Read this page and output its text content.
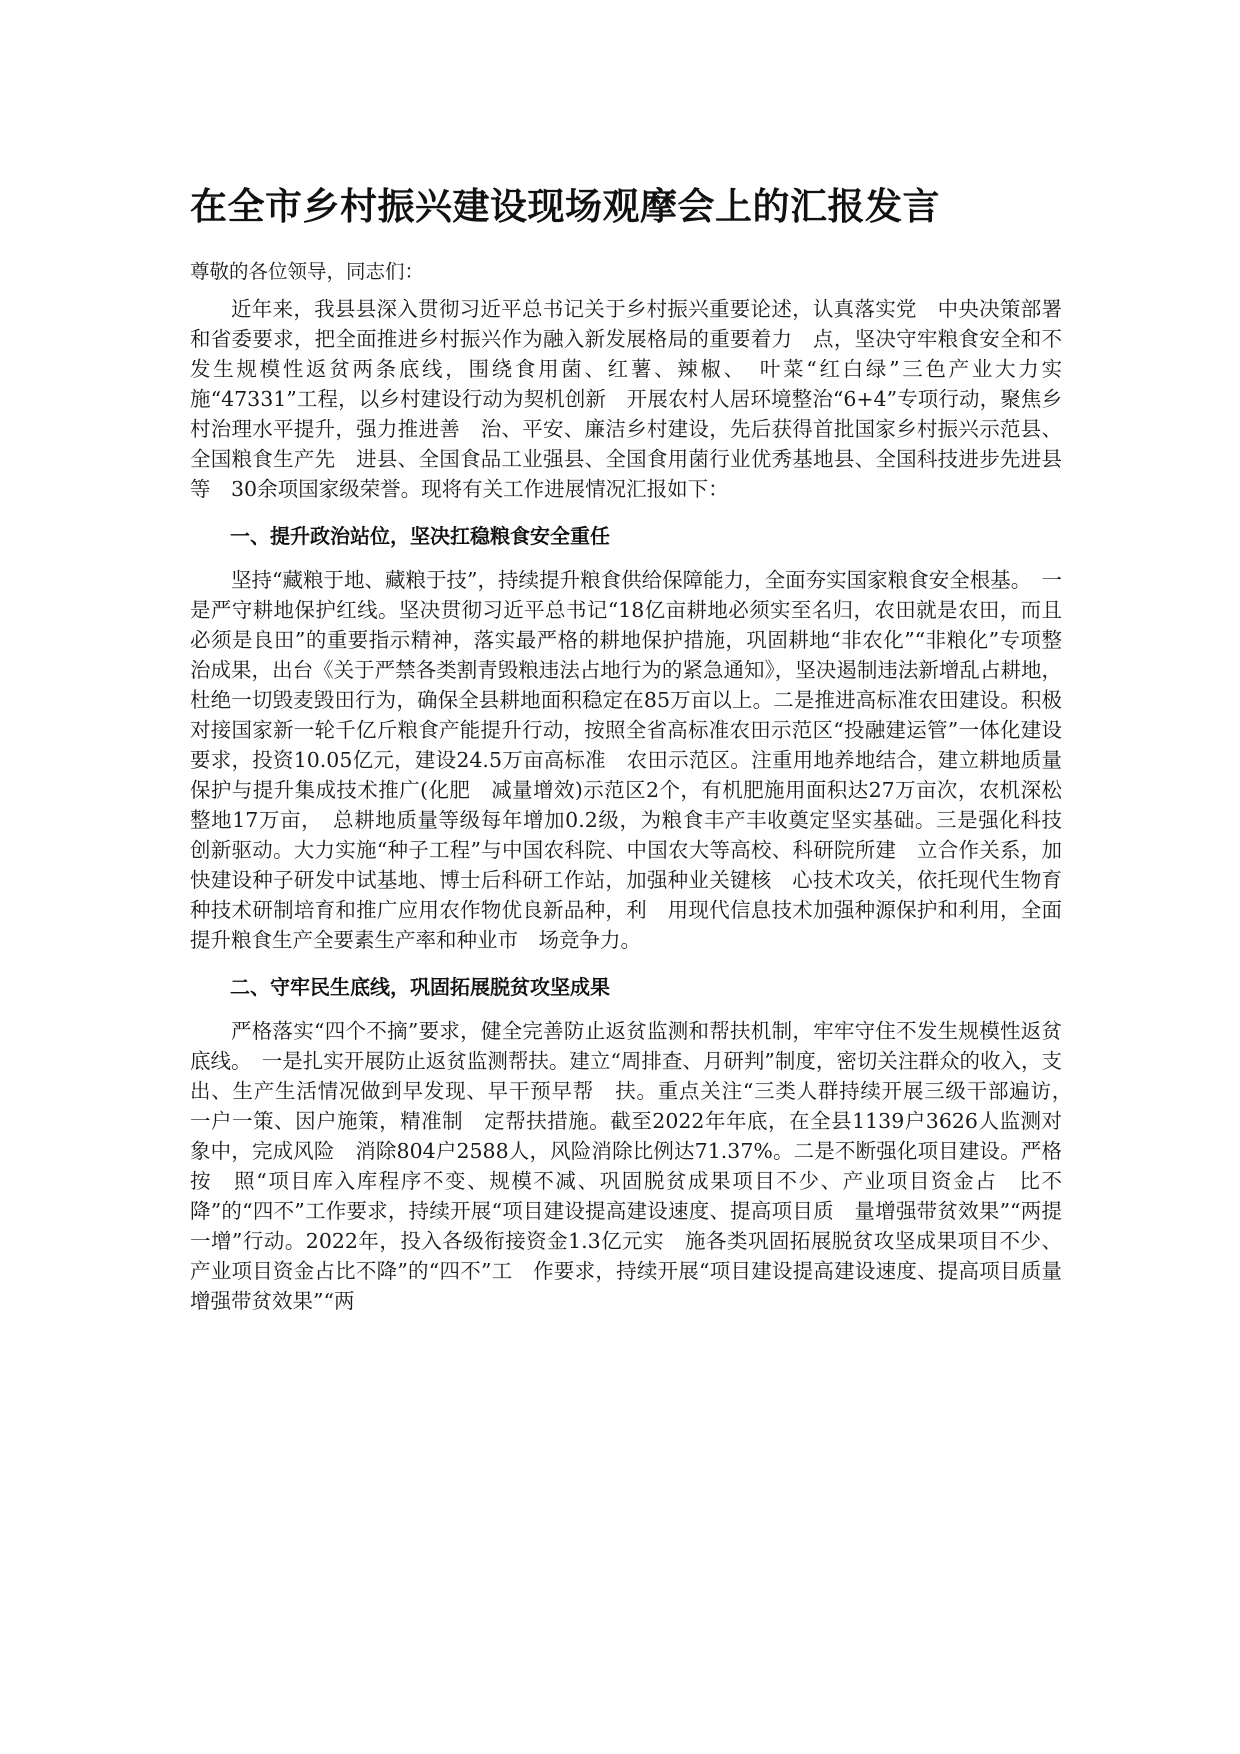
在全市乡村振兴建设现场观摩会上的汇报发言

尊敬的各位领导，同志们：

近年来，我县县深入贯彻习近平总书记关于乡村振兴重要论述，认真落实党　中央决策部署和省委要求，把全面推进乡村振兴作为融入新发展格局的重要着力　点，坚决守牢粮食安全和不发生规模性返贫两条底线，围绕食用菌、红薯、辣椒、　叶菜“红白绿”三色产业大力实施“47331”工程，以乡村建设行动为契机创新　开展农村人居环境整治“6+4”专项行动，聚焦乡村治理水平提升，强力推进善　治、平安、廉洁乡村建设，先后获得首批国家乡村振兴示范县、全国粮食生产先　进县、全国食品工业强县、全国食用菌行业优秀基地县、全国科技进步先进县等　30余项国家级荣誉。现将有关工作进展情况汇报如下：

一、提升政治站位，坚决扛稳粮食安全重任

坚持“藏粮于地、藏粮于技”，持续提升粮食供给保障能力，全面夯实国家粮食安全根基。　一是严守耕地保护红线。坚决贯彻习近平总书记“18亿亩耕地必须实至名归，农田就是农田，而且必须是良田”的重要指示精神，落实最严格的耕地保护措施，巩固耕地“非农化”“非粮化”专项整治成果，出台《关于严禁各类割青毁粮违法占地行为的紧急通知》，坚决遏制违法新增乱占耕地，杜绝一切毁麦毁田行为，确保全县耕地面积稳定在85万亩以上。二是推进高标准农田建设。积极对接国家新一轮千亿斤粮食产能提升行动，按照全省高标准农田示范区“投融建运管”一体化建设要求，投资10.05亿元，建设24.5万亩高标准　农田示范区。注重用地养地结合，建立耕地质量保护与提升集成技术推广(化肥　减量增效)示范区2个，有机肥施用面积达27万亩次，农机深松整地17万亩，　总耕地质量等级每年增加0.2级，为粮食丰产丰收奠定坚实基础。三是强化科技　创新驱动。大力实施“种子工程”与中国农科院、中国农大等高校、科研院所建　立合作关系，加快建设种子研发中试基地、博士后科研工作站，加强种业关键核　心技术攻关，依托现代生物育种技术研制培育和推广应用农作物优良新品种，利　用现代信息技术加强种源保护和利用，全面提升粮食生产全要素生产率和种业市　场竞争力。

二、守牢民生底线，巩固拓展脱贫攻坚成果

严格落实“四个不摘”要求，健全完善防止返贫监测和帮扶机制，牢牢守住不发生规模性返贫底线。　一是扎实开展防止返贫监测帮扶。建立“周排查、月研判”制度，密切关注群众的收入，支出、生产生活情况做到早发现、早干预早帮　扶。重点关注“三类人群持续开展三级干部遍访，　一户一策、因户施策，精准制　定帮扶措施。截至2022年年底，在全县1139户3626人监测对象中，完成风险　消除804户2588人，风险消除比例达71.37%。二是不断强化项目建设。严格按　照“项目库入库程序不变、规模不减、巩固脱贫成果项目不少、产业项目资金占　比不降”的“四不”工作要求，持续开展“项目建设提高建设速度、提高项目质　量增强带贫效果”“两提一增”行动。2022年，投入各级衔接资金1.3亿元实　施各类巩固拓展脱贫攻坚成果项目不少、产业项目资金占比不降”的“四不”工　作要求，持续开展“项目建设提高建设速度、提高项目质量增强带贫效果”“两
